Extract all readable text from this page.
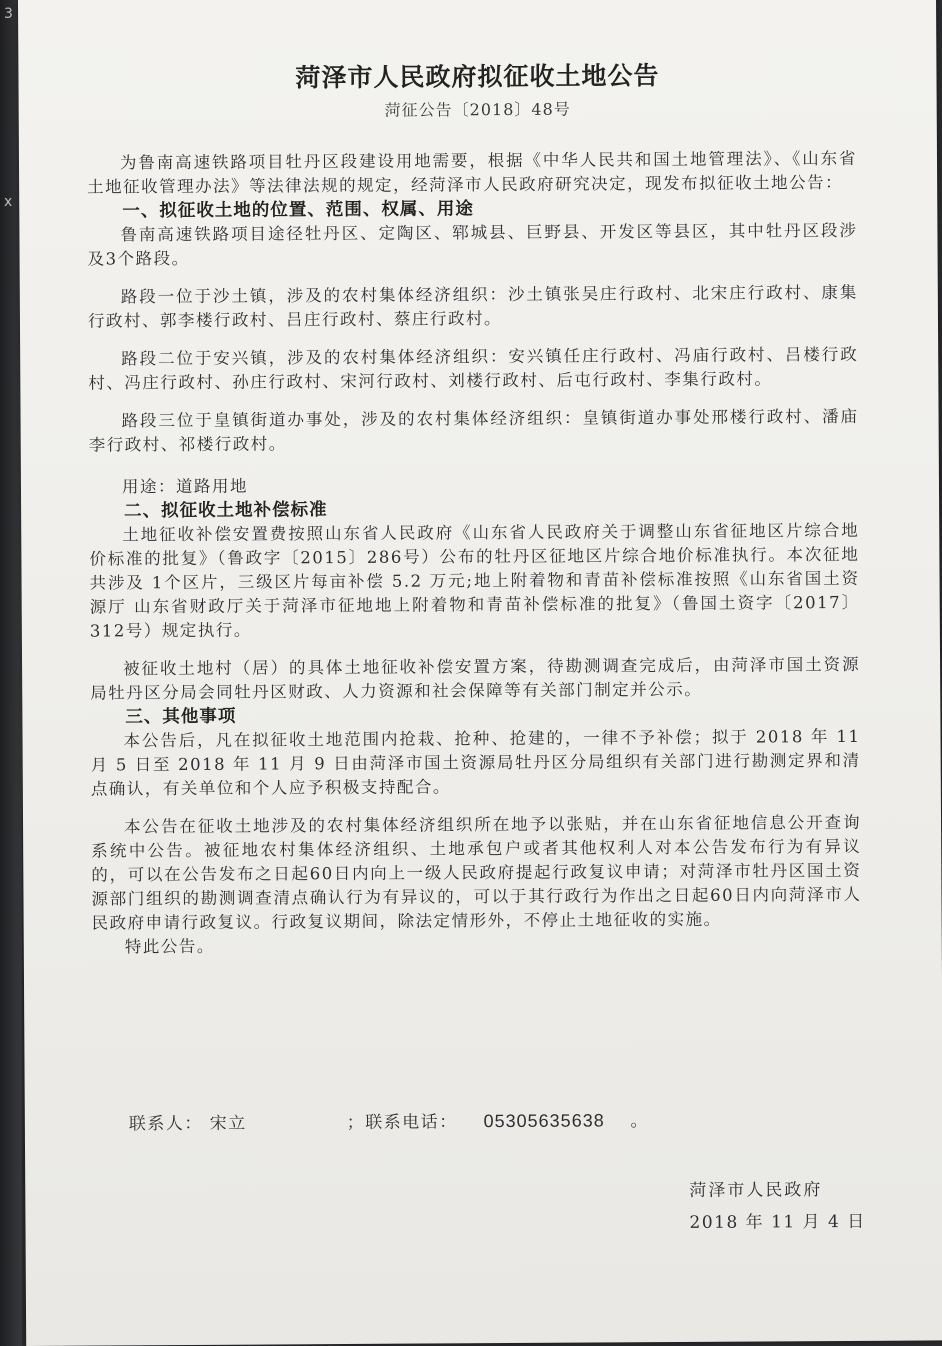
3
x
菏泽市人民政府拟征收土地公告
菏征公告〔2018〕48号

为鲁南高速铁路项目牡丹区段建设用地需要，根据《中华人民共和国土地管理法》、《山东省土地征收管理办法》等法律法规的规定，经菏泽市人民政府研究决定，现发布拟征收土地公告：

一、拟征收土地的位置、范围、权属、用途

鲁南高速铁路项目途径牡丹区、定陶区、郓城县、巨野县、开发区等县区，其中牡丹区段涉及3个路段。

路段一位于沙土镇，涉及的农村集体经济组织：沙土镇张吴庄行政村、北宋庄行政村、康集行政村、郭李楼行政村、吕庄行政村、蔡庄行政村。

路段二位于安兴镇，涉及的农村集体经济组织：安兴镇任庄行政村、冯庙行政村、吕楼行政村、冯庄行政村、孙庄行政村、宋河行政村、刘楼行政村、后屯行政村、李集行政村。

路段三位于皇镇街道办事处，涉及的农村集体经济组织：皇镇街道办事处邢楼行政村、潘庙李行政村、祁楼行政村。

用途：道路用地

二、拟征收土地补偿标准

土地征收补偿安置费按照山东省人民政府《山东省人民政府关于调整山东省征地区片综合地价标准的批复》（鲁政字〔2015〕286号）公布的牡丹区征地区片综合地价标准执行。本次征地共涉及 1个区片，三级区片每亩补偿 5.2 万元;地上附着物和青苗补偿标准按照《山东省国土资源厅 山东省财政厅关于菏泽市征地地上附着物和青苗补偿标准的批复》（鲁国土资字〔2017〕312号）规定执行。

被征收土地村（居）的具体土地征收补偿安置方案，待勘测调查完成后，由菏泽市国土资源局牡丹区分局会同牡丹区财政、人力资源和社会保障等有关部门制定并公示。

三、其他事项

本公告后，凡在拟征收土地范围内抢栽、抢种、抢建的，一律不予补偿；拟于 2018 年 11 月 5 日至 2018 年 11 月 9 日由菏泽市国土资源局牡丹区分局组织有关部门进行勘测定界和清点确认，有关单位和个人应予积极支持配合。

本公告在征收土地涉及的农村集体经济组织所在地予以张贴，并在山东省征地信息公开查询系统中公告。被征地农村集体经济组织、土地承包户或者其他权利人对本公告发布行为有异议的，可以在公告发布之日起60日内向上一级人民政府提起行政复议申请；对菏泽市牡丹区国土资源部门组织的勘测调查清点确认行为有异议的，可以于其行政行为作出之日起60日内向菏泽市人民政府申请行政复议。行政复议期间，除法定情形外，不停止土地征收的实施。

特此公告。

联系人： 宋立	；联系电话： 05305635638 。
菏泽市人民政府
2018 年 11 月 4 日
